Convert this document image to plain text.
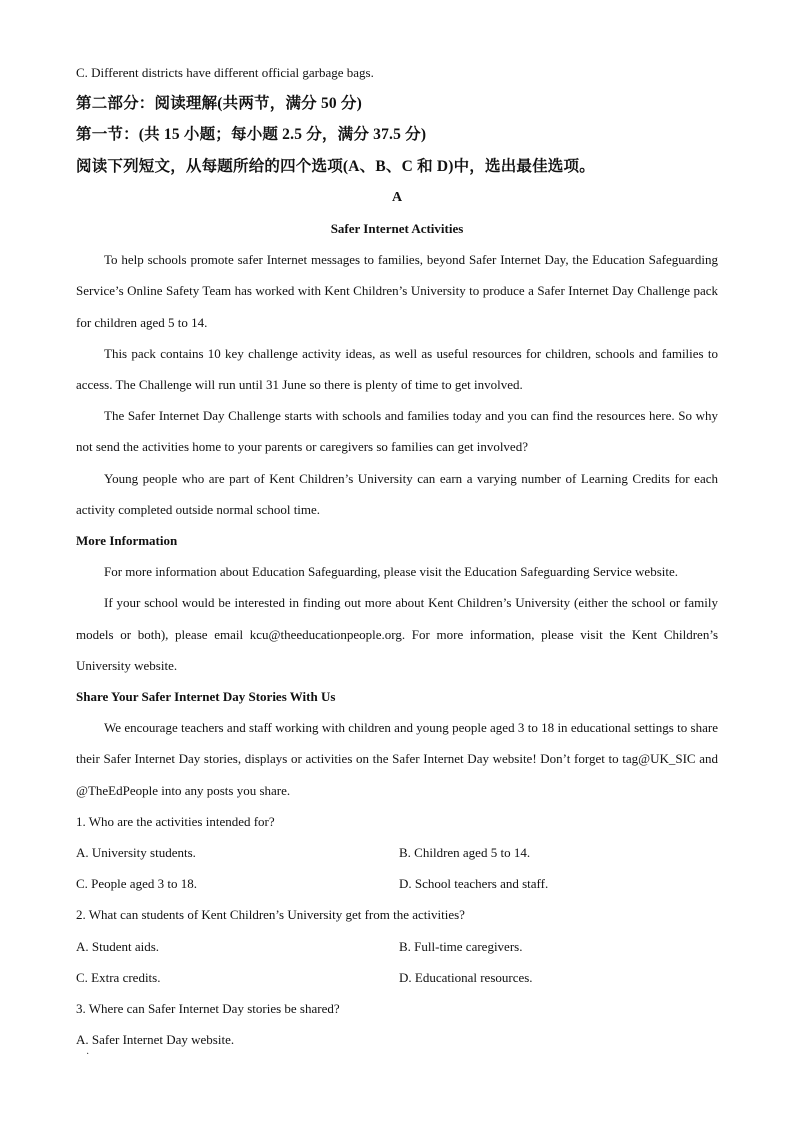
C. Different districts have different official garbage bags.
第二部分：阅读理解(共两节，满分 50 分)
第一节：(共 15 小题；每小题 2.5 分，满分 37.5 分)
阅读下列短文，从每题所给的四个选项(A、B、C 和 D)中，选出最佳选项。
A
Safer Internet Activities
To help schools promote safer Internet messages to families, beyond Safer Internet Day, the Education Safeguarding Service’s Online Safety Team has worked with Kent Children’s University to produce a Safer Internet Day Challenge pack for children aged 5 to 14.
This pack contains 10 key challenge activity ideas, as well as useful resources for children, schools and families to access. The Challenge will run until 31 June so there is plenty of time to get involved.
The Safer Internet Day Challenge starts with schools and families today and you can find the resources here. So why not send the activities home to your parents or caregivers so families can get involved?
Young people who are part of Kent Children’s University can earn a varying number of Learning Credits for each activity completed outside normal school time.
More Information
For more information about Education Safeguarding, please visit the Education Safeguarding Service website.
If your school would be interested in finding out more about Kent Children’s University (either the school or family models or both), please email kcu@theeducationpeople.org. For more information, please visit the Kent Children’s University website.
Share Your Safer Internet Day Stories With Us
We encourage teachers and staff working with children and young people aged 3 to 18 in educational settings to share their Safer Internet Day stories, displays or activities on the Safer Internet Day website! Don’t forget to tag@UK_SIC and @TheEdPeople into any posts you share.
1. Who are the activities intended for?
A. University students.	B. Children aged 5 to 14.
C. People aged 3 to 18.	D. School teachers and staff.
2. What can students of Kent Children’s University get from the activities?
A. Student aids.	B. Full-time caregivers.
C. Extra credits.	D. Educational resources.
3. Where can Safer Internet Day stories be shared?
A. Safer Internet Day website.
·
